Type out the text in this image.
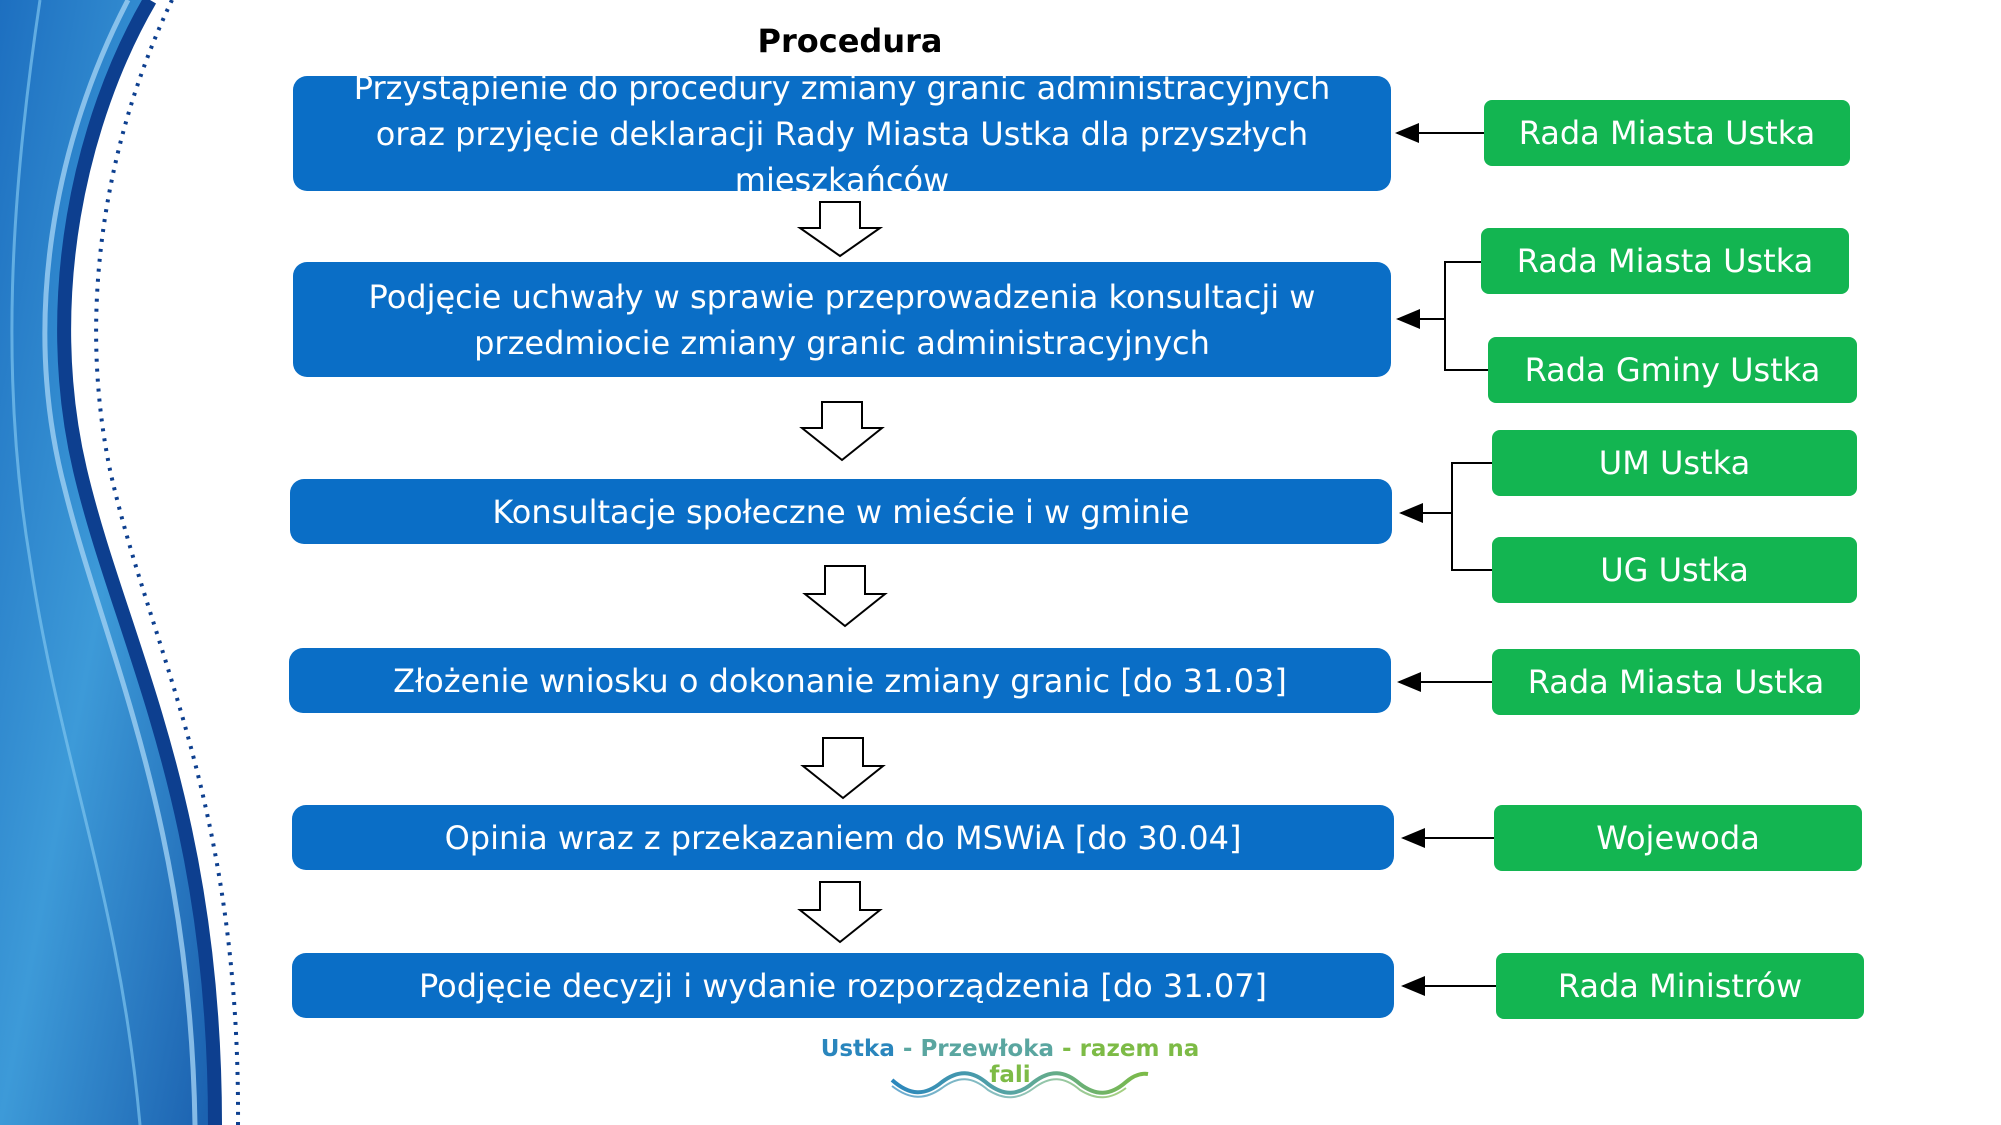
Procedura
Przystąpienie do procedury zmiany granic administracyjnych oraz przyjęcie deklaracji Rady Miasta Ustka dla przyszłych mieszkańców
Podjęcie uchwały w sprawie przeprowadzenia konsultacji w przedmiocie zmiany granic administracyjnych
Konsultacje społeczne w mieście i w gminie
Złożenie wniosku o dokonanie zmiany granic [do 31.03]
Opinia wraz z przekazaniem do MSWiA [do 30.04]
Podjęcie decyzji i wydanie rozporządzenia [do 31.07]
Rada Miasta Ustka
Rada Miasta Ustka
Rada Gminy Ustka
UM Ustka
UG Ustka
Rada Miasta Ustka
Wojewoda
Rada Ministrów
Ustka - Przewłoka - razem na fali
